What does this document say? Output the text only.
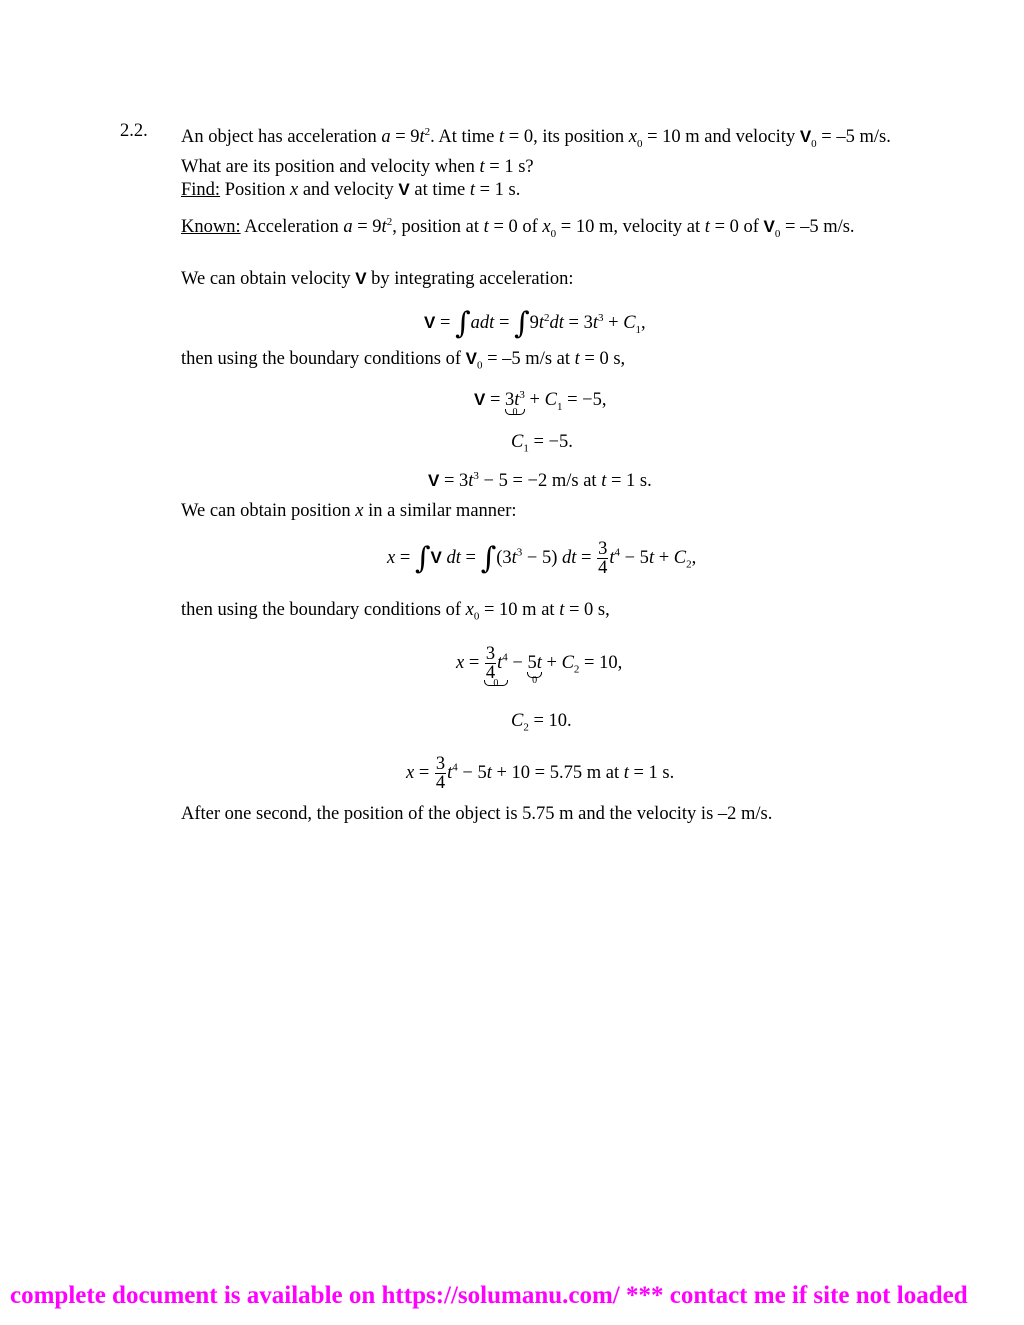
2.2. An object has acceleration $a = 9t^2$. At time t = 0, its position $x_0 = 10$ m and velocity $V_0 = -5$ m/s. What are its position and velocity when t = 1 s?

Find: Position x and velocity V at time t = 1 s.

Known: Acceleration $a = 9t^2$, position at t = 0 of $x_0 = 10$ m, velocity at t = 0 of $V_0 = -5$ m/s.

We can obtain velocity V by integrating acceleration:

$V = \int adt = \int 9t^2dt = 3t^3 + C_1$,

then using the boundary conditions of $V_0 = -5$ m/s at t = 0 s,

$V = 3t^3$
0
+ $C_1 = -5$,
$C_1 = -5$.
$V = 3t^3 - 5 = -2$ m/s at t = 1 s.

We can obtain position x in a similar manner:

x = ∫V dt = $\int(3t^3 - 5)$ dt = $\frac{3}{4} t^4 - 5t + C_2$,

then using the boundary conditions of $x_0 = 10$ m at t = 0 s,

$x = \frac{3}{4} t^4$
0
− 5t
0
+ $C_2 = 10$,
$C_2 = 10$.
$x = \frac{3}{4} t^4 - 5t + 10 = 5.75$ m at t = 1 s.
After one second, the position of the object is 5.75 m and the velocity is –2 m/s.
complete document is available on https://solumanu.com/ *** contact me if site not loaded
